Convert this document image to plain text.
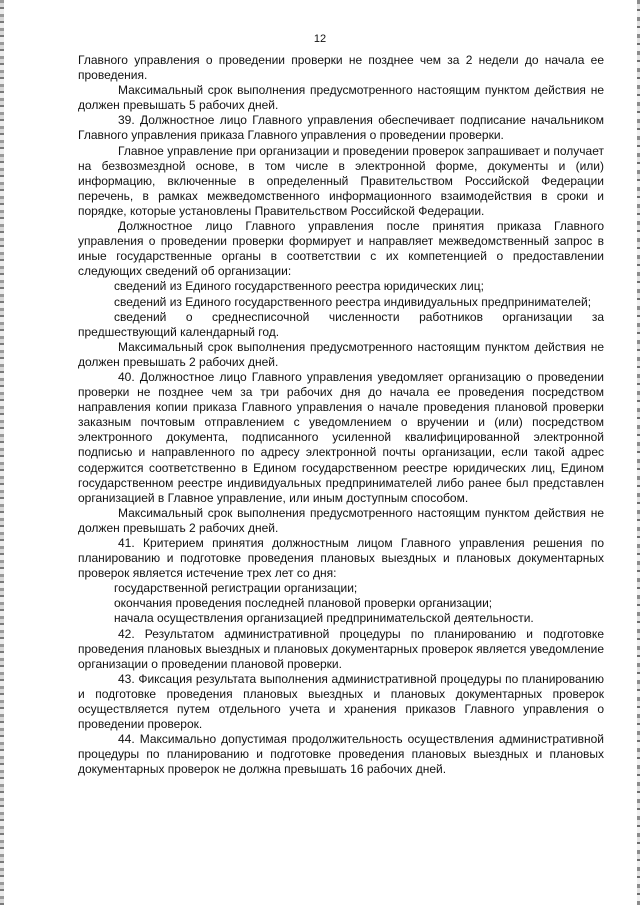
12

Главного управления о проведении проверки не позднее чем за 2 недели до начала ее проведения.

Максимальный срок выполнения предусмотренного настоящим пунктом действия не должен превышать 5 рабочих дней.

39. Должностное лицо Главного управления обеспечивает подписание начальником Главного управления приказа Главного управления о проведении проверки.

Главное управление при организации и проведении проверок запрашивает и получает на безвозмездной основе, в том числе в электронной форме, документы и (или) информацию, включенные в определенный Правительством Российской Федерации перечень, в рамках межведомственного информационного взаимодействия в сроки и порядке, которые установлены Правительством Российской Федерации.

Должностное лицо Главного управления после принятия приказа Главного управления о проведении проверки формирует и направляет межведомственный запрос в иные государственные органы в соответствии с их компетенцией о предоставлении следующих сведений об организации:

сведений из Единого государственного реестра юридических лиц;

сведений из Единого государственного реестра индивидуальных предпринимателей;

сведений о среднесписочной численности работников организации за предшествующий календарный год.

Максимальный срок выполнения предусмотренного настоящим пунктом действия не должен превышать 2 рабочих дней.

40. Должностное лицо Главного управления уведомляет организацию о проведении проверки не позднее чем за три рабочих дня до начала ее проведения посредством направления копии приказа Главного управления о начале проведения плановой проверки заказным почтовым отправлением с уведомлением о вручении и (или) посредством электронного документа, подписанного усиленной квалифицированной электронной подписью и направленного по адресу электронной почты организации, если такой адрес содержится соответственно в Едином государственном реестре юридических лиц, Едином государственном реестре индивидуальных предпринимателей либо ранее был представлен организацией в Главное управление, или иным доступным способом.

Максимальный срок выполнения предусмотренного настоящим пунктом действия не должен превышать 2 рабочих дней.

41. Критерием принятия должностным лицом Главного управления решения по планированию и подготовке проведения плановых выездных и плановых документарных проверок является истечение трех лет со дня:

государственной регистрации организации;

окончания проведения последней плановой проверки организации;

начала осуществления организацией предпринимательской деятельности.

42. Результатом административной процедуры по планированию и подготовке проведения плановых выездных и плановых документарных проверок является уведомление организации о проведении плановой проверки.

43. Фиксация результата выполнения административной процедуры по планированию и подготовке проведения плановых выездных и плановых документарных проверок осуществляется путем отдельного учета и хранения приказов Главного управления о проведении проверок.

44. Максимально допустимая продолжительность осуществления административной процедуры по планированию и подготовке проведения плановых выездных и плановых документарных проверок не должна превышать 16 рабочих дней.
